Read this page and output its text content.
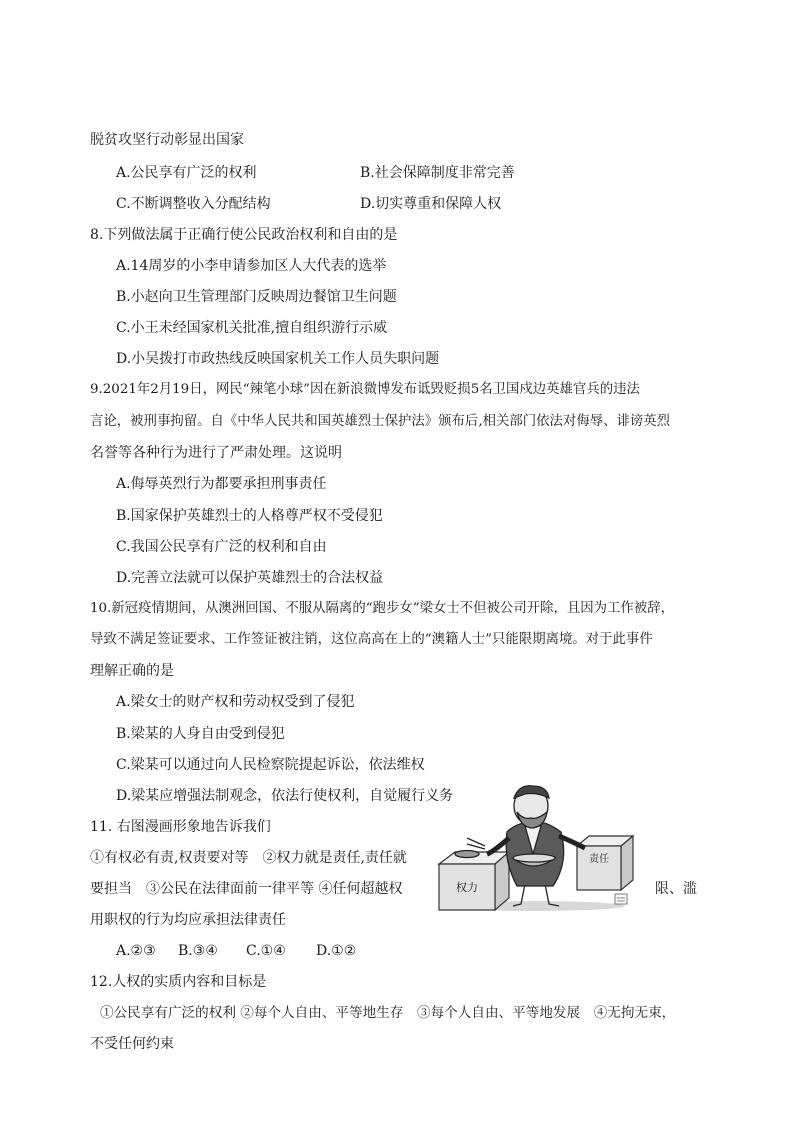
脱贫攻坚行动彰显出国家
A.公民享有广泛的权利	B.社会保障制度非常完善
C.不断调整收入分配结构	D.切实尊重和保障人权
8.下列做法属于正确行使公民政治权利和自由的是
A.14周岁的小李申请参加区人大代表的选举
B.小赵向卫生管理部门反映周边餐馆卫生问题
C.小王未经国家机关批准,擅自组织游行示威
D.小吴拨打市政热线反映国家机关工作人员失职问题
9.2021年2月19日，网民“辣笔小球”因在新浪微博发布诋毁贬损5名卫国戍边英雄官兵的违法
言论，被刑事拘留。自《中华人民共和国英雄烈士保护法》颁布后,相关部门依法对侮辱、诽谤英烈
名誉等各种行为进行了严肃处理。这说明
A.侮辱英烈行为都要承担刑事责任
B.国家保护英雄烈士的人格尊严权不受侵犯
C.我国公民享有广泛的权利和自由
D.完善立法就可以保护英雄烈士的合法权益
10.新冠疫情期间，从澳洲回国、不服从隔离的“跑步女”梁女士不但被公司开除，且因为工作被辞，
导致不满足签证要求、工作签证被注销，这位高高在上的“澳籍人士”只能限期离境。对于此事件
理解正确的是
A.梁女士的财产权和劳动权受到了侵犯
B.梁某的人身自由受到侵犯
C.梁某可以通过向人民检察院提起诉讼，依法维权
D.梁某应增强法制观念，依法行使权利，自觉履行义务
11. 右图漫画形象地告诉我们
①有权必有责,权责要对等　②权力就是责任,责任就
要担当　③公民在法律面前一律平等 ④任何超越权	限、滥
用职权的行为均应承担法律责任
A.②③ B.③④ C.①④ D.①②
权力
责任
12.人权的实质内容和目标是
①公民享有广泛的权利 ②每个人自由、平等地生存　③每个人自由、平等地发展　④无拘无束，
不受任何约束
